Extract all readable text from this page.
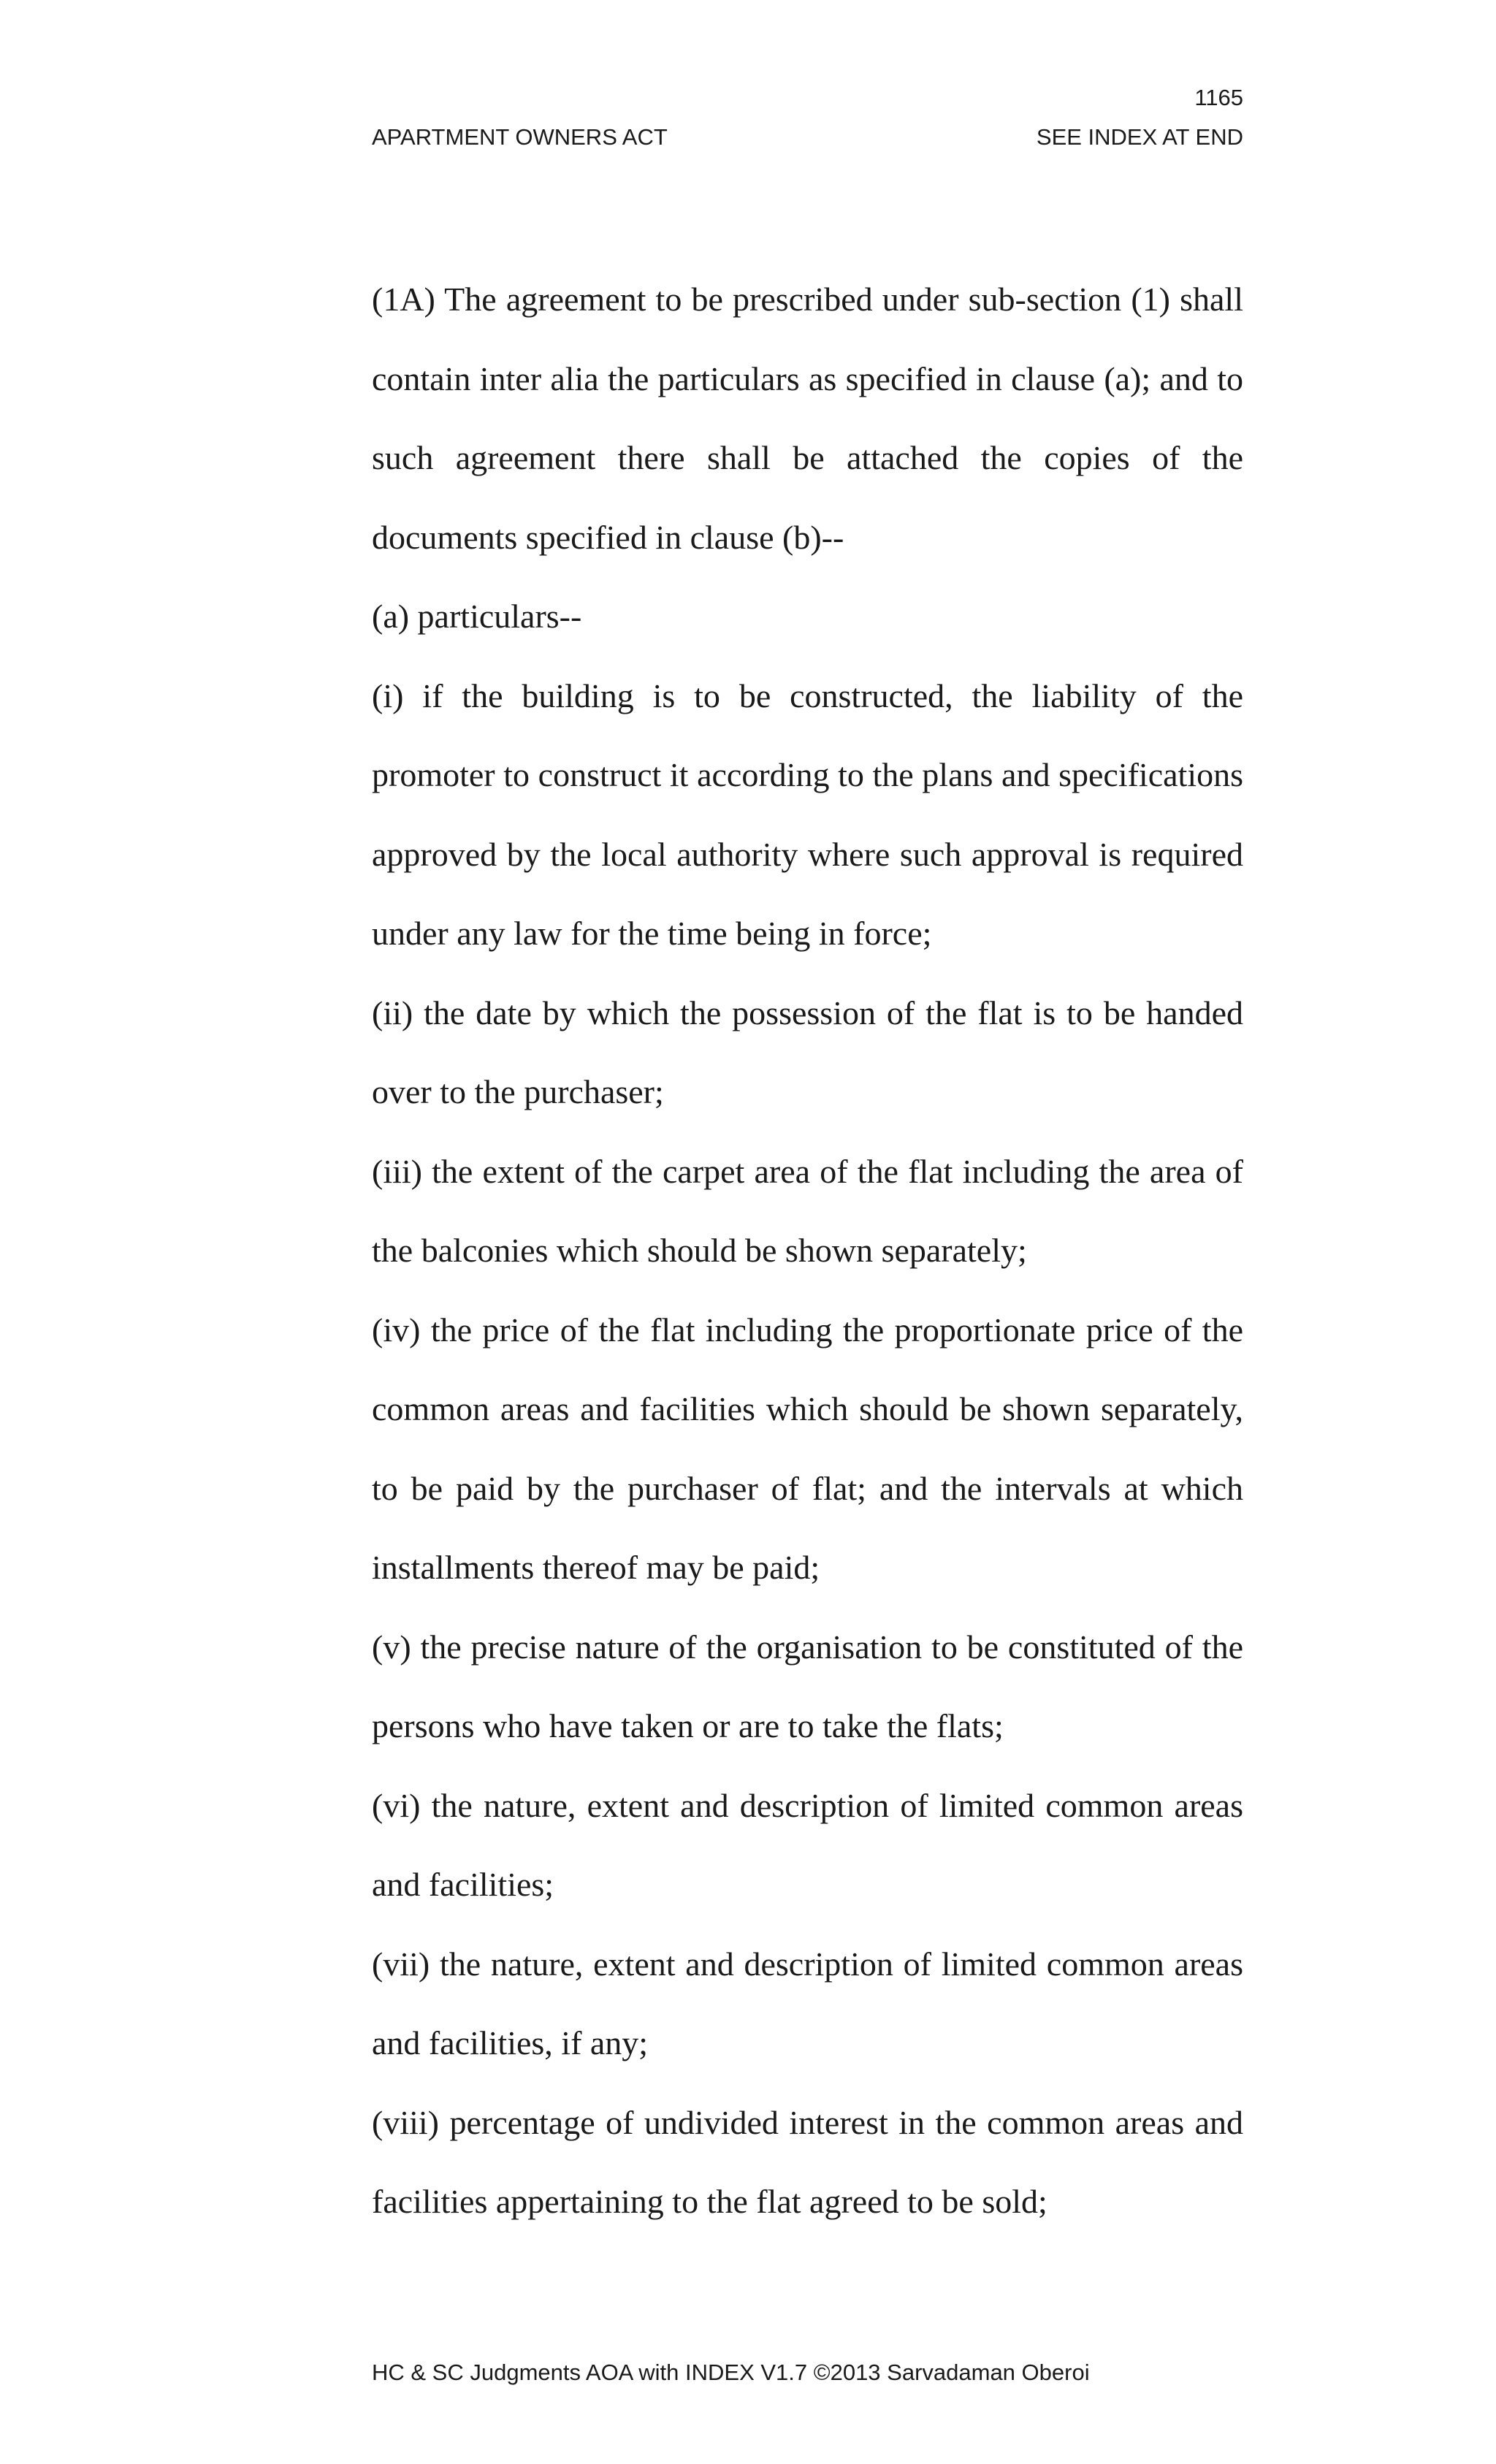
1165
APARTMENT OWNERS ACT	SEE INDEX AT END

(1A) The agreement to be prescribed under sub-section (1) shall contain inter alia the particulars as specified in clause (a); and to such agreement there shall be attached the copies of the documents specified in clause (b)--

(a) particulars--

(i) if the building is to be constructed, the liability of the promoter to construct it according to the plans and specifications approved by the local authority where such approval is required under any law for the time being in force;

(ii) the date by which the possession of the flat is to be handed over to the purchaser;

(iii) the extent of the carpet area of the flat including the area of the balconies which should be shown separately;

(iv) the price of the flat including the proportionate price of the common areas and facilities which should be shown separately, to be paid by the purchaser of flat; and the intervals at which installments thereof may be paid;

(v) the precise nature of the organisation to be constituted of the persons who have taken or are to take the flats;

(vi) the nature, extent and description of limited common areas and facilities;

(vii) the nature, extent and description of limited common areas and facilities, if any;

(viii) percentage of undivided interest in the common areas and facilities appertaining to the flat agreed to be sold;

HC & SC Judgments AOA with INDEX V1.7 ©2013 Sarvadaman Oberoi
